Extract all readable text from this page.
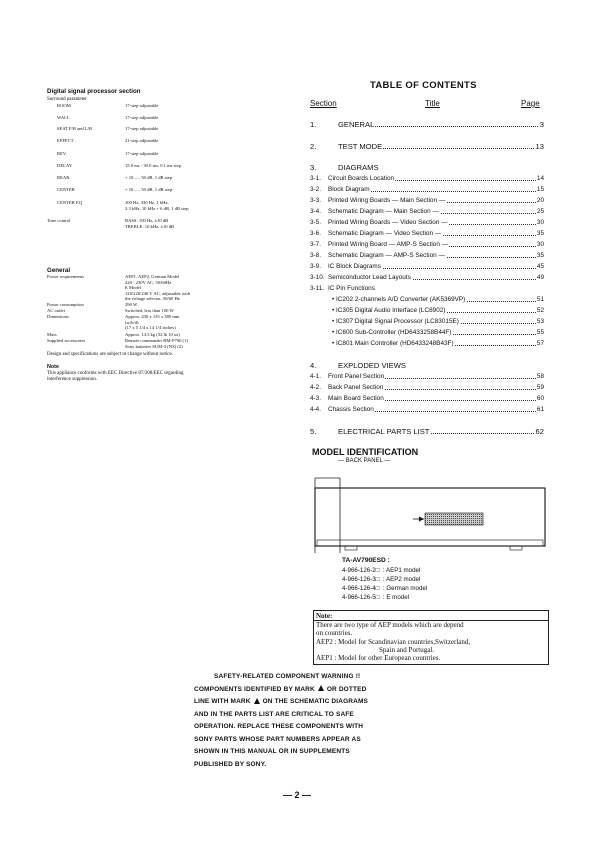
Digital signal processor section
Surround parameter
ROOM	17-step adjustable
WALL	17-step adjustable
SEAT F/B and L/R	17-step adjustable
EFFECT	21-step adjustable
REV.	17-step adjustable
DELAY	15.0 ms - 30.0 ms, 0.1 ms step
REAR	+ 10 – – 50 dB, 1 dB step
CENTER	+ 10 – – 50 dB, 1 dB step
CENTER EQ	100 Hz, 330 Hz, 1 kHz,
3.3 kHz, 10 kHz + 6 dB, 1 dB step
Tone control	BASS: 100 Hz, ±10 dB
TREBLE: 10 kHz, ±10 dB
General
Power requirements	AEP1, AEP2, German Model
220 - 230V AC, 50/60Hz
E Model
120/220/240 V AC, adjustable with
the voltage selector, 50/60 Hz
Power consumption	290 W
AC outlet	Switched, less than 100 W
Dimensions	Approx. 430 x 135 x 380 mm
(w/h/d)
(17 x 5 1/4 x 14 1/4 inches)
Mass	Approx. 14.5 kg (32 lb 10 oz)
Supplied accessories	Remote commander RM-P790 (1)
Sony batteries SUM-3 (NS) (2)
Design and specifications are subject to change without notice.
Note
This appliance conforms with EEC Directive 87/308/EEC regarding
interference suppression.
TABLE OF CONTENTS
Section	Title	Page
1.	GENERAL	3
2.	TEST MODE	13
3.	DIAGRAMS
3-1. Circuit Boards Location	14
3-2. Block Diagram	15
3-3. Printed Wiring Boards — Main Section —	20
3-4. Schematic Diagram — Main Section —	25
3-5. Printed Wiring Boards — Video Section —	30
3-6. Schematic Diagram — Video Section —	35
3-7. Printed Wiring Board — AMP-S Section —	30
3-8. Schematic Diagram — AMP-S Section —	35
3-9. IC Block Diagrams	45
3-10. Semiconductor Lead Layouts	49
3-11. IC Pin Functions
• IC202 2-channels A/D Converter (AK5369VP)	51
• IC305 Digital Audio Interface (LC8902)	52
• IC307 Digital Signal Processor (LC83015E)	53
• IC600 Sub-Controller (HD6433258B44F)	55
• IC801 Main Controller (HD6433248B43F)	57
4.	EXPLODED VIEWS
4-1. Front Panel Section	58
4-2. Back Panel Section	59
4-3. Main Board Section	60
4-4. Chassis Section	61
5.	ELECTRICAL PARTS LIST	62
MODEL IDENTIFICATION
— BACK PANEL —
TA-AV790ESD :
4-966-126-2□  : AEP1 model
4-966-126-3□  : AEP2 model
4-966-126-4□  : German model
4-966-126-5□  : E model
Note:
There are two type of AEP models which are depend
on countries.
AEP2 : Model for Scandinavian countries,Switzerland,
Spain and Portugal.
AEP1 : Model for other European countries.
SAFETY-RELATED COMPONENT WARNING !!
COMPONENTS IDENTIFIED BY MARK OR DOTTED
LINE WITH MARK ON THE SCHEMATIC DIAGRAMS
AND IN THE PARTS LIST ARE CRITICAL TO SAFE
OPERATION. REPLACE THESE COMPONENTS WITH
SONY PARTS WHOSE PART NUMBERS APPEAR AS
SHOWN IN THIS MANUAL OR IN SUPPLEMENTS
PUBLISHED BY SONY.
— 2 —
